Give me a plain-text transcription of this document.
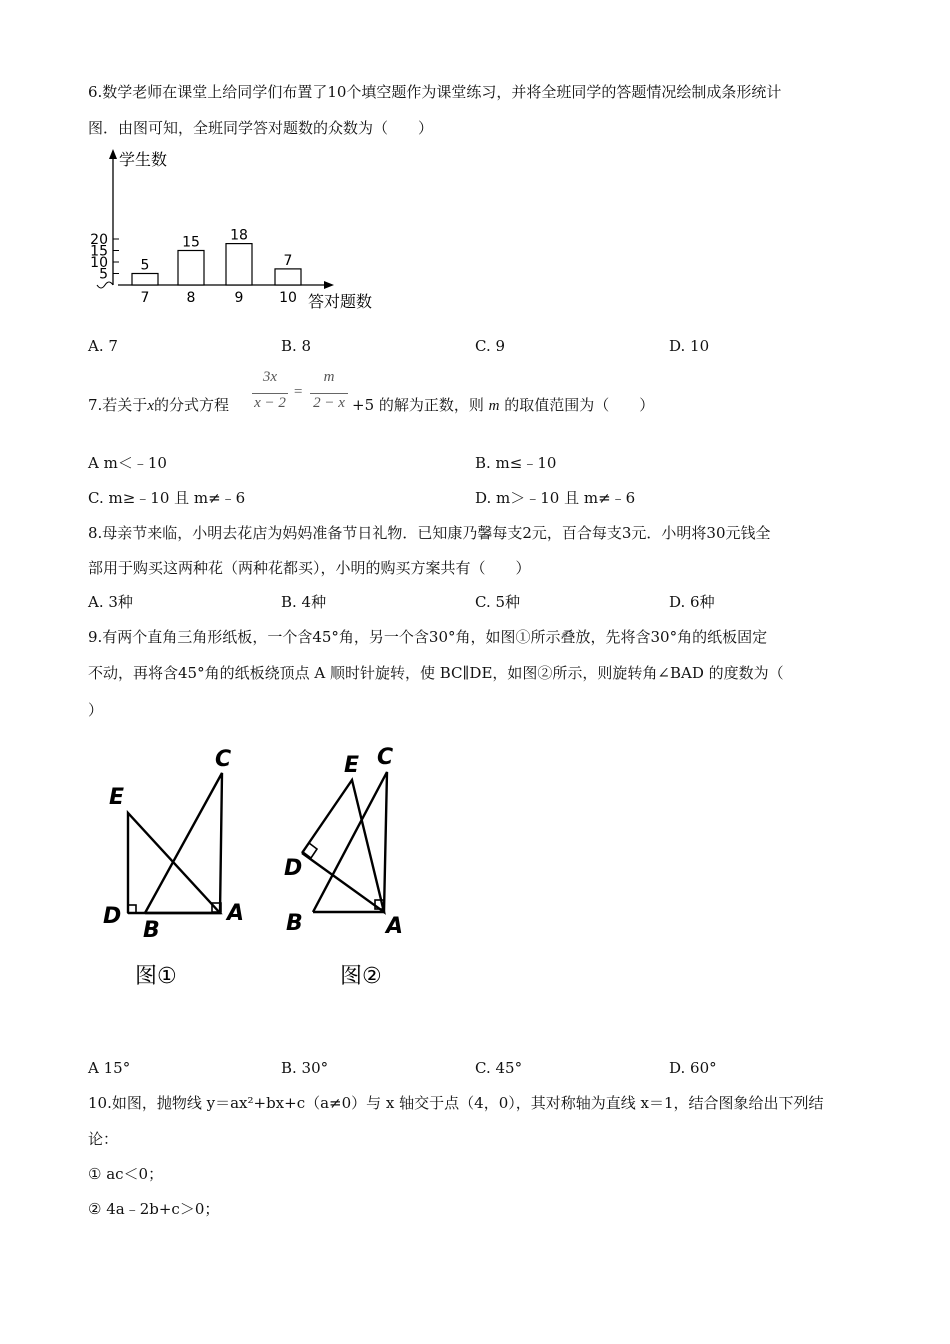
6.数学老师在课堂上给同学们布置了10个填空题作为课堂练习，并将全班同学的答题情况绘制成条形统计
图．由图可知，全班同学答对题数的众数为（　　）
学生数
答对题数
5
10
15
20
5
7
15
8
18
9
7
10
A. 7	B. 8	C. 9	D. 10
7.若关于x的分式方程
3x
x − 2
=
m
2 − x +5 的解为正数，则 m 的取值范围为（　　）
A m＜﹣10	B. m≤﹣10
C. m≥﹣10 且 m≠﹣6	D. m＞﹣10 且 m≠﹣6
8.母亲节来临，小明去花店为妈妈准备节日礼物．已知康乃馨每支2元，百合每支3元．小明将30元钱全
部用于购买这两种花（两种花都买），小明的购买方案共有（　　）
A. 3种	B. 4种	C. 5种	D. 6种
9.有两个直角三角形纸板，一个含45°角，另一个含30°角，如图①所示叠放，先将含30°角的纸板固定
不动，再将含45°角的纸板绕顶点 A 顺时针旋转，使 BC∥DE，如图②所示，则旋转角∠BAD 的度数为（
）
C
E
D
B
A
图①
E C
D
B	A
图②
A 15°	B. 30°	C. 45°	D. 60°
10.如图，抛物线 y＝ax²+bx+c（a≠0）与 x 轴交于点（4，0），其对称轴为直线 x＝1，结合图象给出下列结
论：
① ac＜0；
② 4a﹣2b+c＞0；
